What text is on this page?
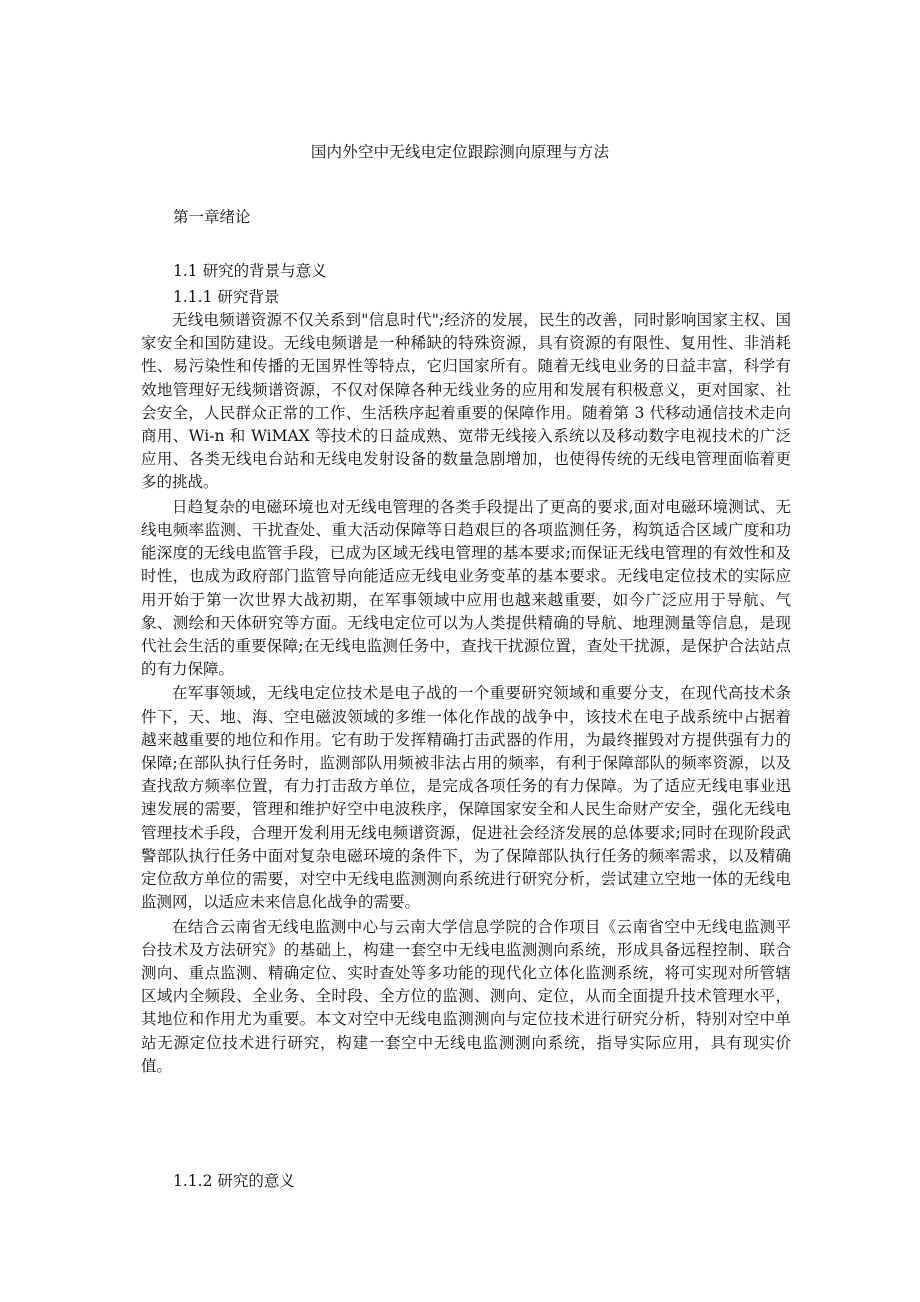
国内外空中无线电定位跟踪测向原理与方法
第一章绪论
1.1 研究的背景与意义
1.1.1 研究背景

无线电频谱资源不仅关系到"信息时代";经济的发展，民生的改善，同时影响国家主权、国家安全和国防建设。无线电频谱是一种稀缺的特殊资源，具有资源的有限性、复用性、非消耗性、易污染性和传播的无国界性等特点，它归国家所有。随着无线电业务的日益丰富，科学有效地管理好无线频谱资源，不仅对保障各种无线业务的应用和发展有积极意义，更对国家、社会安全，人民群众正常的工作、生活秩序起着重要的保障作用。随着第 3 代移动通信技术走向商用、Wi-n 和 WiMAX 等技术的日益成熟、宽带无线接入系统以及移动数字电视技术的广泛应用、各类无线电台站和无线电发射设备的数量急剧增加，也使得传统的无线电管理面临着更多的挑战。

日趋复杂的电磁环境也对无线电管理的各类手段提出了更高的要求,面对电磁环境测试、无线电频率监测、干扰查处、重大活动保障等日趋艰巨的各项监测任务，构筑适合区域广度和功能深度的无线电监管手段，已成为区域无线电管理的基本要求;而保证无线电管理的有效性和及时性，也成为政府部门监管导向能适应无线电业务变革的基本要求。无线电定位技术的实际应用开始于第一次世界大战初期，在军事领域中应用也越来越重要，如今广泛应用于导航、气象、测绘和天体研究等方面。无线电定位可以为人类提供精确的导航、地理测量等信息，是现代社会生活的重要保障;在无线电监测任务中，查找干扰源位置，查处干扰源，是保护合法站点的有力保障。

在军事领域，无线电定位技术是电子战的一个重要研究领域和重要分支，在现代高技术条件下，天、地、海、空电磁波领域的多维一体化作战的战争中，该技术在电子战系统中占据着越来越重要的地位和作用。它有助于发挥精确打击武器的作用，为最终摧毁对方提供强有力的保障;在部队执行任务时，监测部队用频被非法占用的频率，有利于保障部队的频率资源，以及查找敌方频率位置，有力打击敌方单位，是完成各项任务的有力保障。为了适应无线电事业迅速发展的需要，管理和维护好空中电波秩序，保障国家安全和人民生命财产安全，强化无线电管理技术手段，合理开发利用无线电频谱资源，促进社会经济发展的总体要求;同时在现阶段武警部队执行任务中面对复杂电磁环境的条件下，为了保障部队执行任务的频率需求，以及精确定位敌方单位的需要，对空中无线电监测测向系统进行研究分析，尝试建立空地一体的无线电监测网，以适应未来信息化战争的需要。

在结合云南省无线电监测中心与云南大学信息学院的合作项目《云南省空中无线电监测平台技术及方法研究》的基础上，构建一套空中无线电监测测向系统，形成具备远程控制、联合测向、重点监测、精确定位、实时查处等多功能的现代化立体化监测系统，将可实现对所管辖区域内全频段、全业务、全时段、全方位的监测、测向、定位，从而全面提升技术管理水平，其地位和作用尤为重要。本文对空中无线电监测测向与定位技术进行研究分析，特别对空中单站无源定位技术进行研究，构建一套空中无线电监测测向系统，指导实际应用，具有现实价值。

1.1.2 研究的意义
